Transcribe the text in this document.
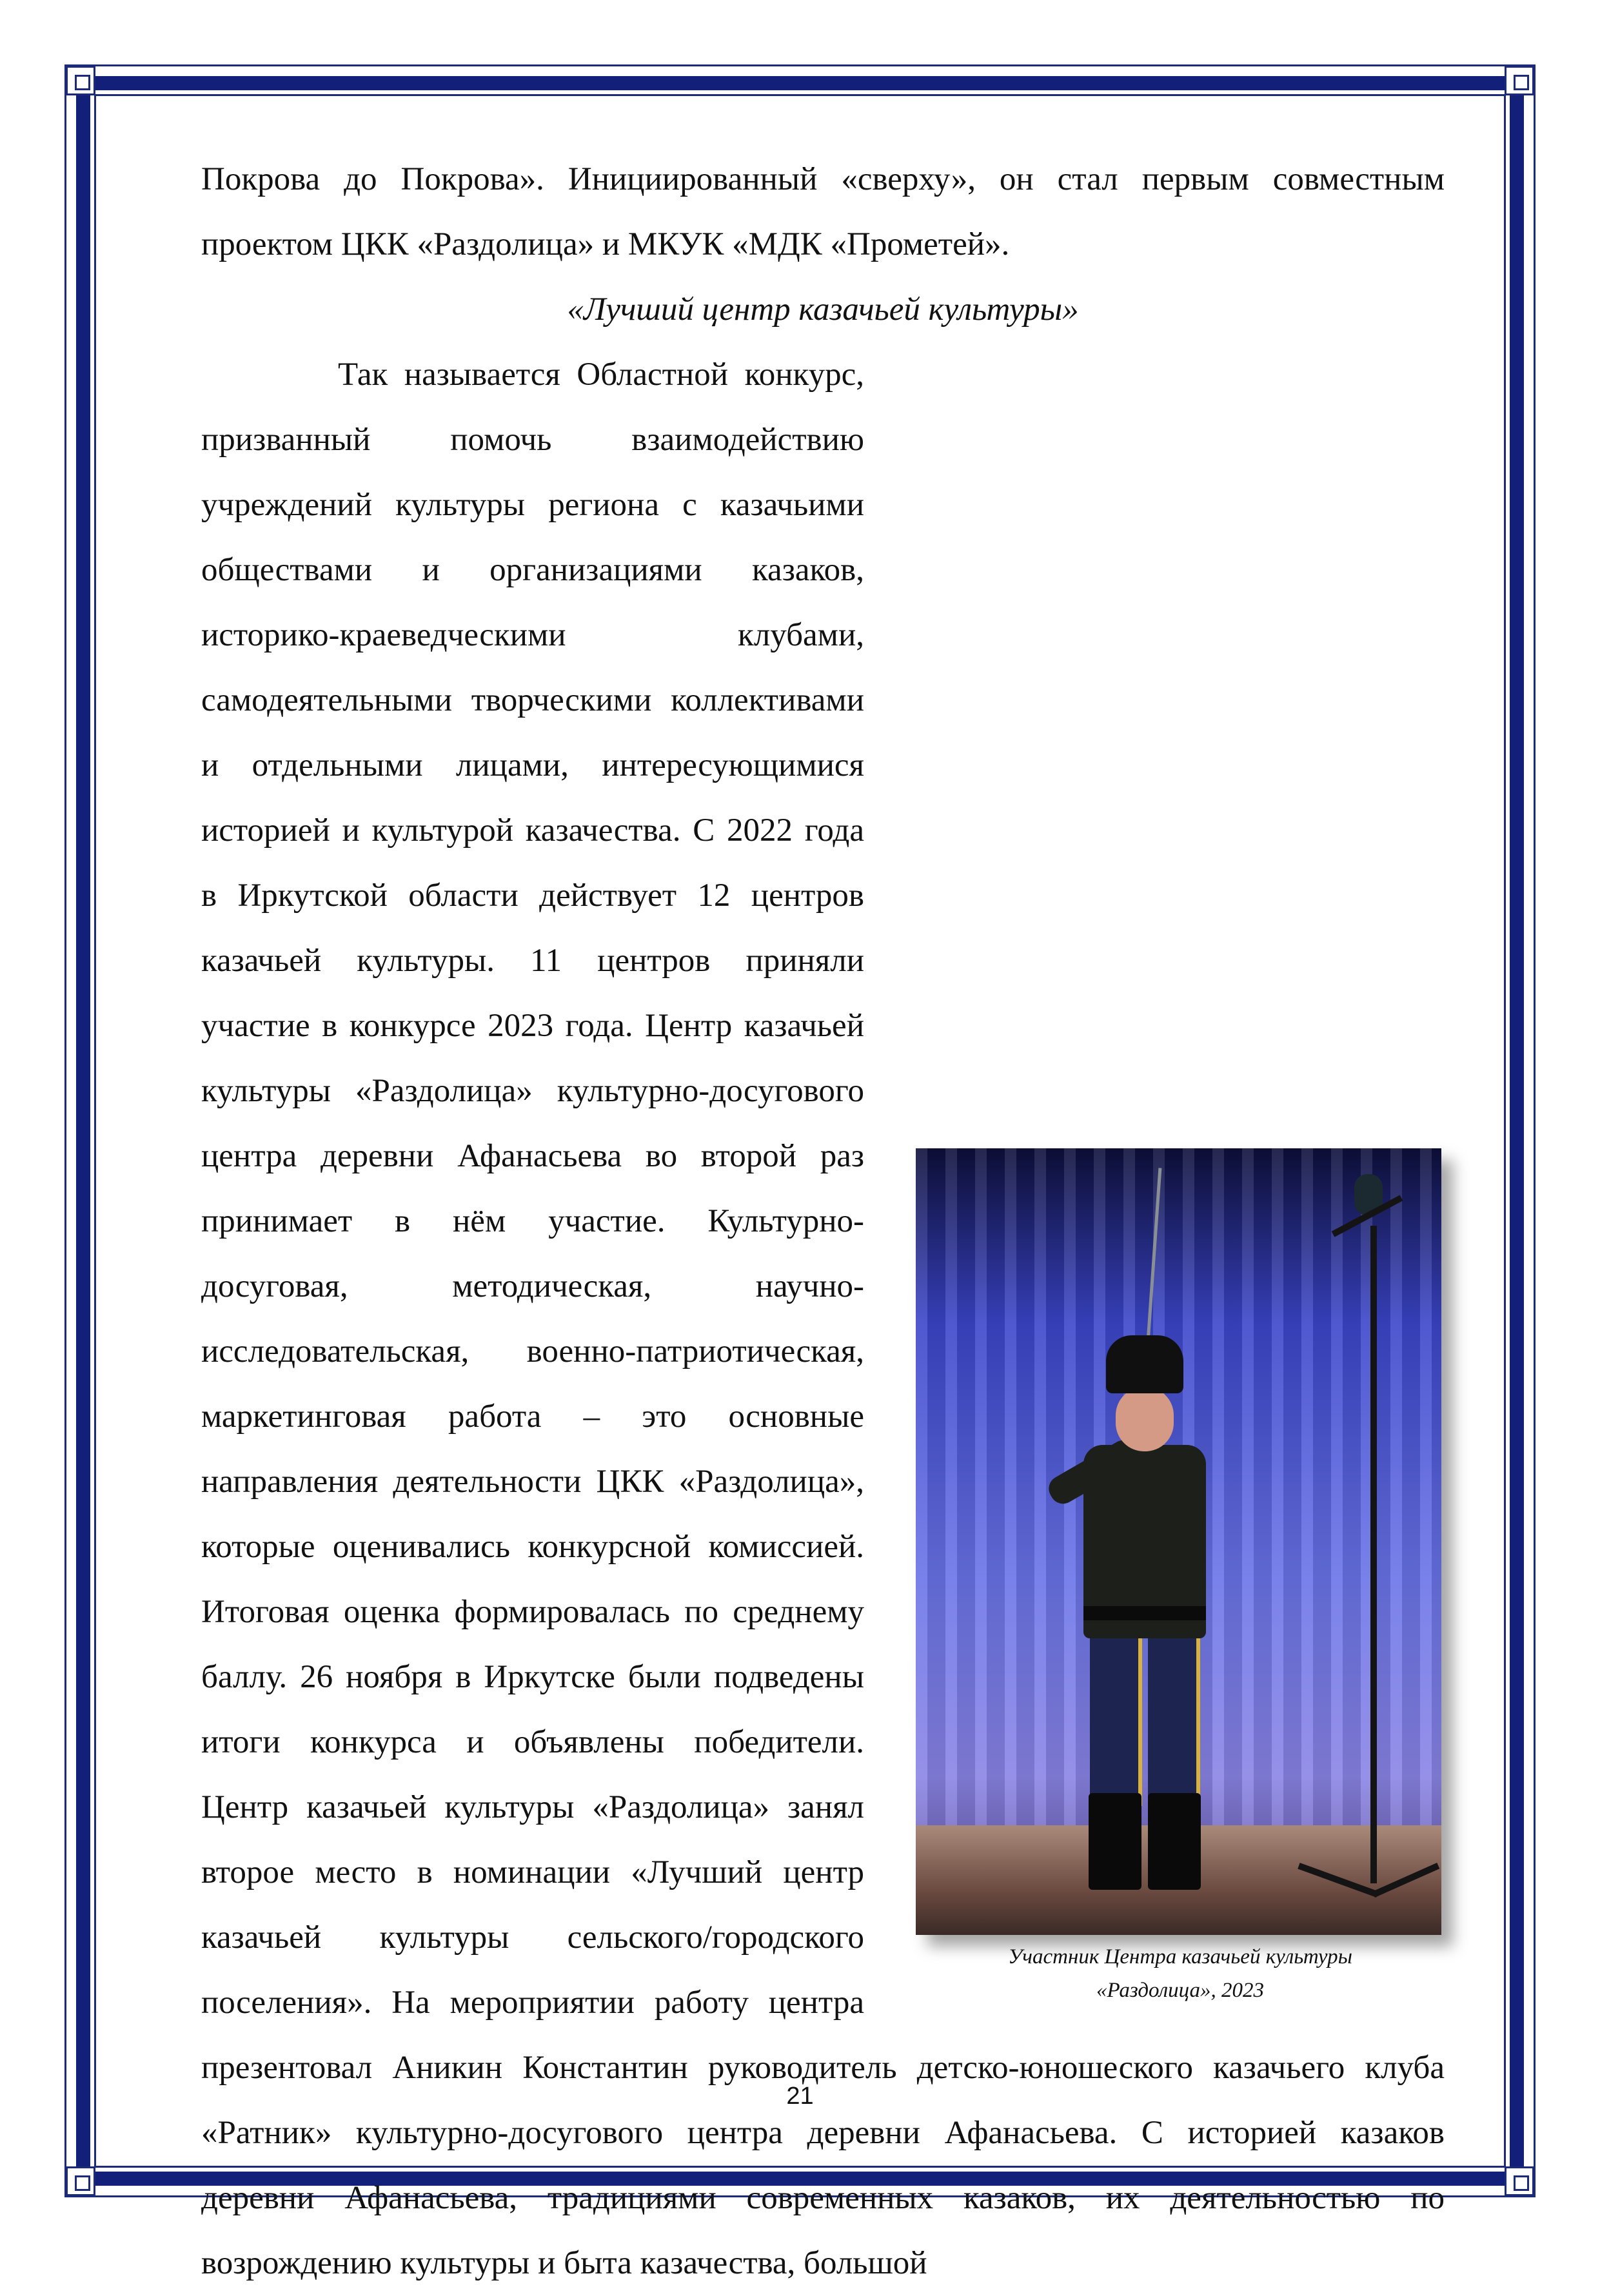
Покрова до Покрова». Инициированный «сверху», он стал первым совместным проектом ЦКК «Раздолица» и МКУК «МДК «Прометей».

«Лучший центр казачьей культуры»

Участник Центра казачьей культуры
«Раздолица», 2023

Так называется Областной конкурс, призванный помочь взаимодействию учреждений культуры региона с казачьими обществами и организациями казаков, историко-краеведческими клубами, самодеятельными творческими коллективами и отдельными лицами, интересующимися историей и культурой казачества. С 2022 года в Иркутской области действует 12 центров казачьей культуры. 11 центров приняли участие в конкурсе 2023 года. Центр казачьей культуры «Раздолица» культурно-досугового центра деревни Афанасьева во второй раз принимает в нём участие. Культурно-досуговая, методическая, научно-исследовательская, военно-патриотическая, маркетинговая работа – это основные направления деятельности ЦКК «Раздолица», которые оценивались конкурсной комиссией. Итоговая оценка формировалась по среднему баллу. 26 ноября в Иркутске были подведены итоги конкурса и объявлены победители. Центр казачьей культуры «Раздолица» занял второе место в номинации «Лучший центр казачьей культуры сельского/городского поселения». На мероприятии работу центра презентовал Аникин Константин руководитель детско-юношеского казачьего клуба «Ратник» культурно-досугового центра деревни Афанасьева. С историей казаков деревни Афанасьева, традициями современных казаков, их деятельностью по возрождению культуры и быта казачества, большой

21
